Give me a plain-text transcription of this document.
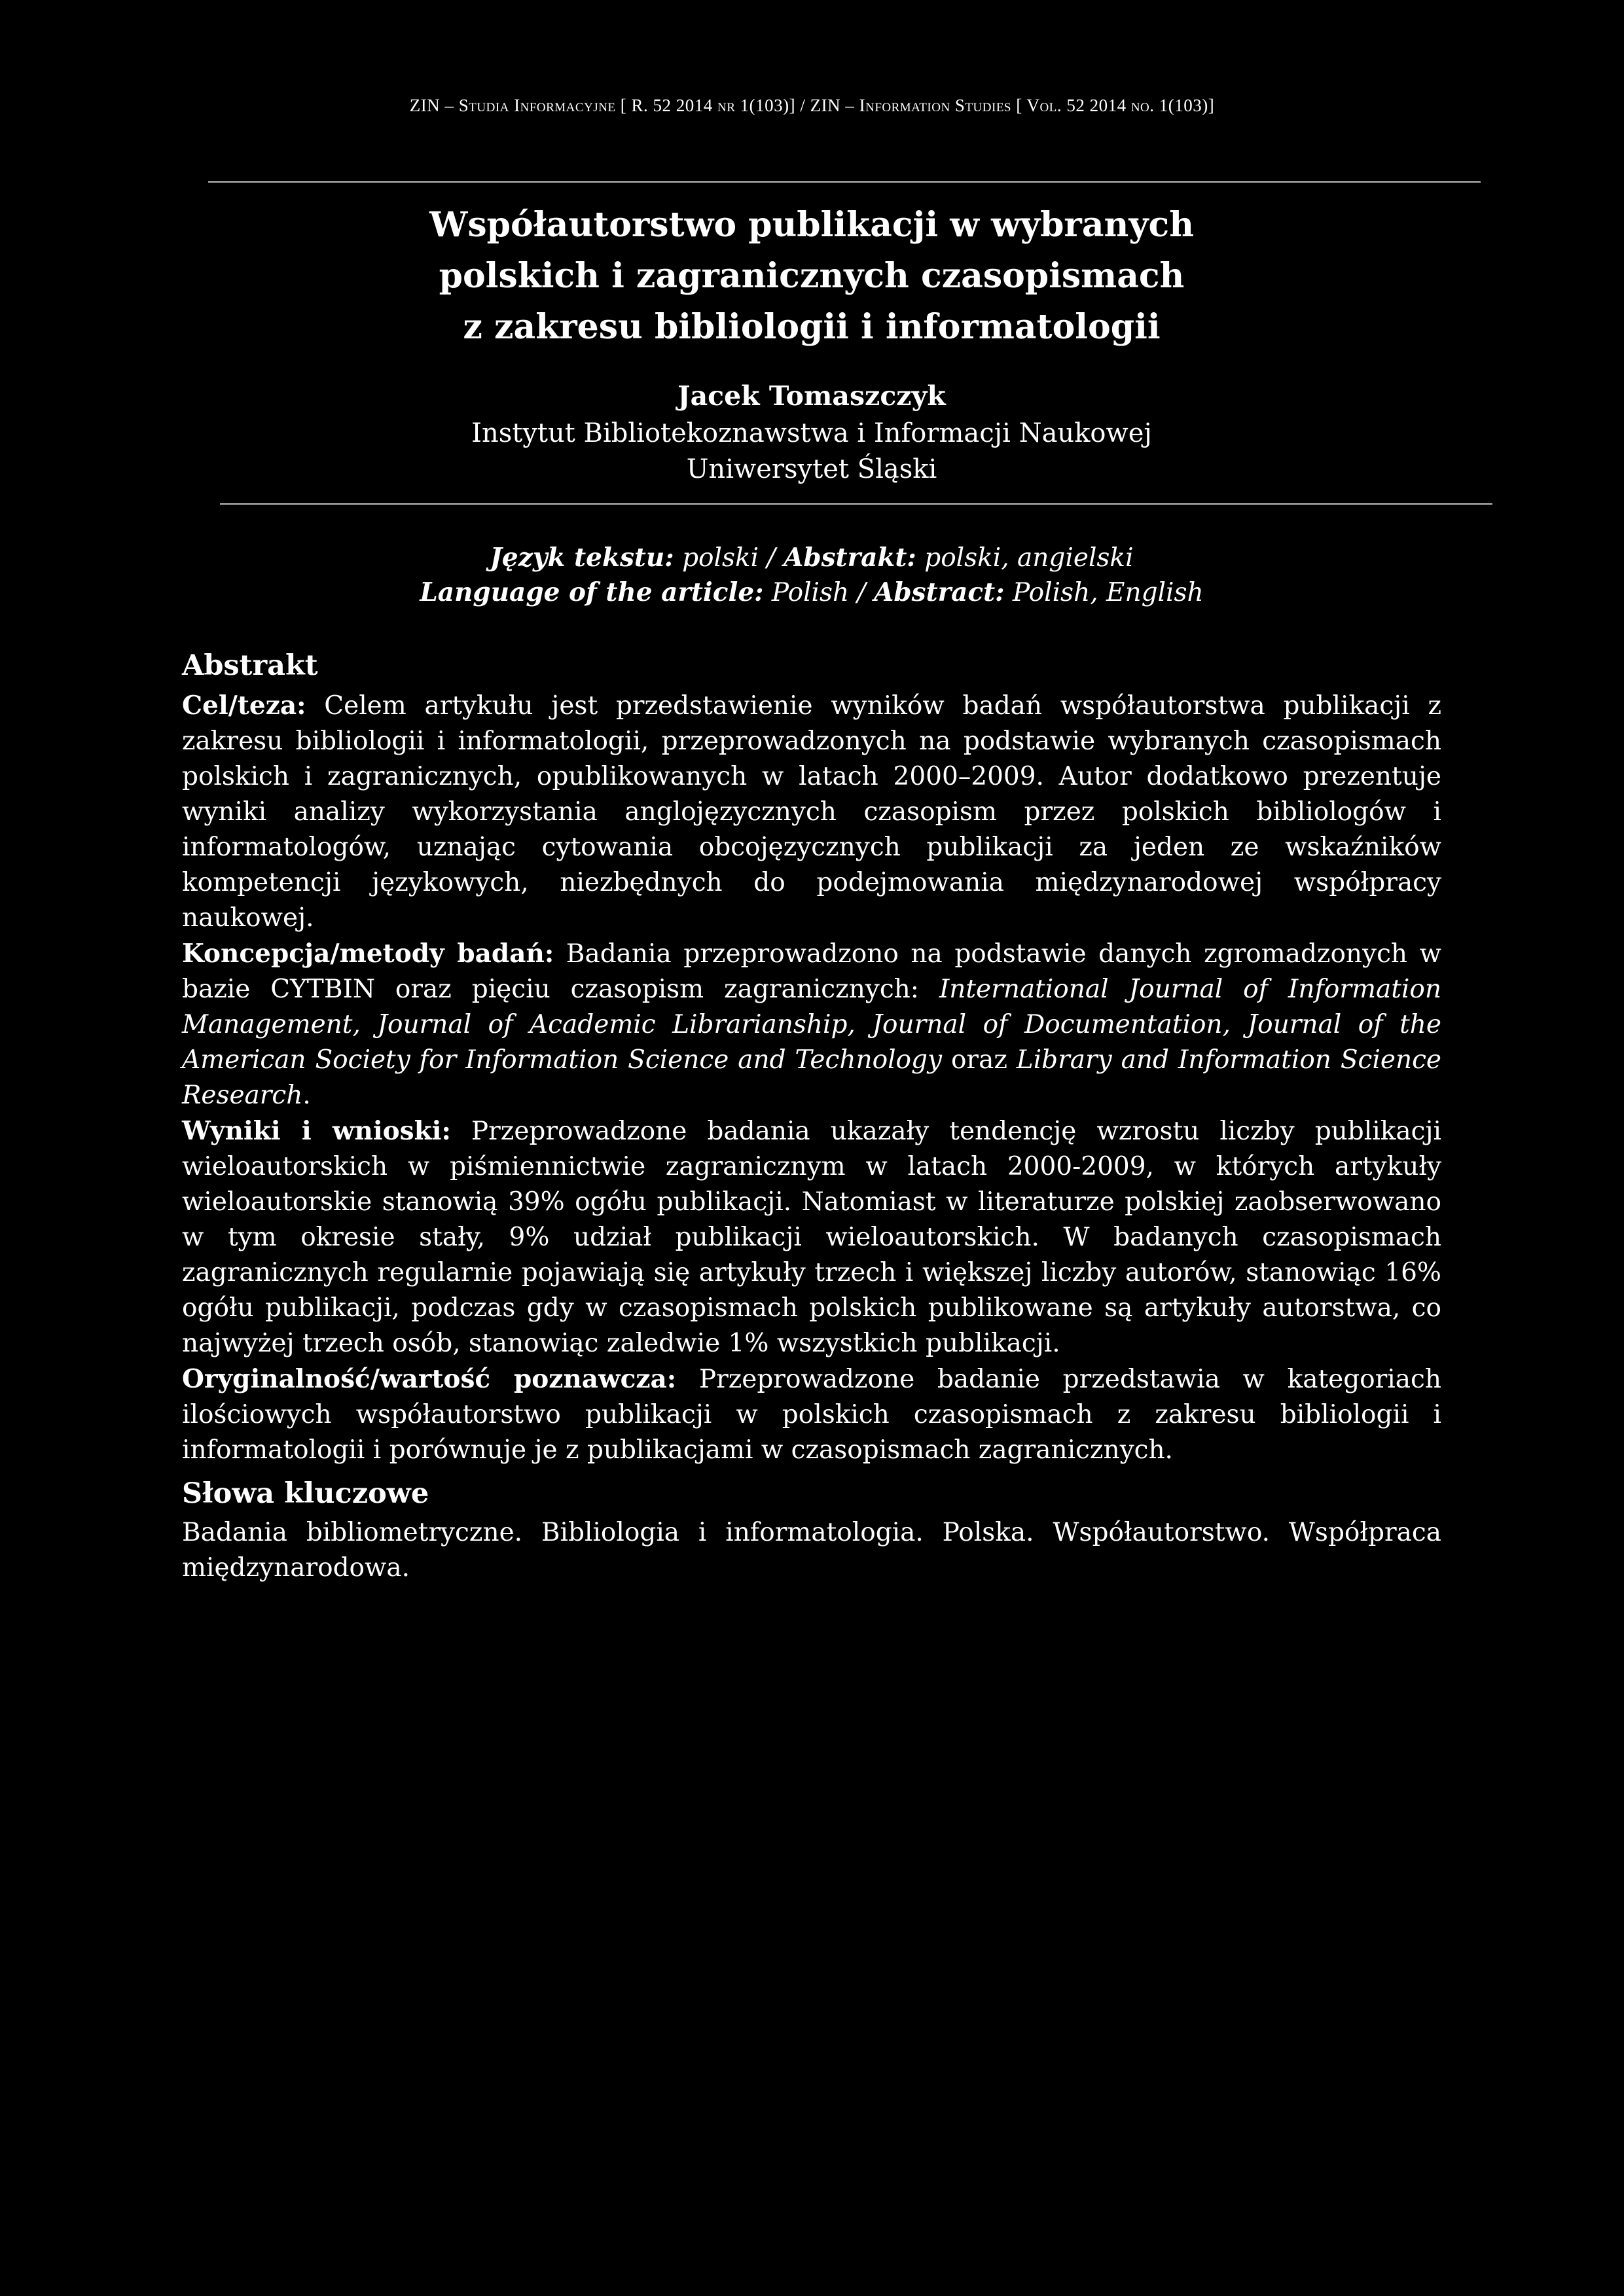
ZIN – Studia Informacyjne [ R. 52 2014 nr 1(103)] / ZIN – Information Studies [ Vol. 52 2014 no. 1(103)]
Współautorstwo publikacji w wybranych
polskich i zagranicznych czasopismach
z zakresu bibliologii i informatologii
Jacek Tomaszczyk
Instytut Bibliotekoznawstwa i Informacji Naukowej
Uniwersytet Śląski
Język tekstu: polski / Abstrakt: polski, angielski
Language of the article: Polish / Abstract: Polish, English
Abstrakt

Cel/teza: Celem artykułu jest przedstawienie wyników badań współautorstwa publikacji z zakresu bibliologii i informatologii, przeprowadzonych na podstawie wybranych czasopismach polskich i zagranicznych, opublikowanych w latach 2000–2009. Autor dodatkowo prezentuje wyniki analizy wykorzystania anglojęzycznych czasopism przez polskich bibliologów i informatologów, uznając cytowania obcojęzycznych publikacji za jeden ze wskaźników kompetencji językowych, niezbędnych do podejmowania międzynarodowej współpracy naukowej.

Koncepcja/metody badań: Badania przeprowadzono na podstawie danych zgromadzonych w bazie CYTBIN oraz pięciu czasopism zagranicznych: International Journal of Information Management, Journal of Academic Librarianship, Journal of Documentation, Journal of the American Society for Information Science and Technology oraz Library and Information Science Research.

Wyniki i wnioski: Przeprowadzone badania ukazały tendencję wzrostu liczby publikacji wieloautorskich w piśmiennictwie zagranicznym w latach 2000-2009, w których artykuły wieloautorskie stanowią 39% ogółu publikacji. Natomiast w literaturze polskiej zaobserwowano w tym okresie stały, 9% udział publikacji wieloautorskich. W badanych czasopismach zagranicznych regularnie pojawiają się artykuły trzech i większej liczby autorów, stanowiąc 16% ogółu publikacji, podczas gdy w czasopismach polskich publikowane są artykuły autorstwa, co najwyżej trzech osób, stanowiąc zaledwie 1% wszystkich publikacji.

Oryginalność/wartość poznawcza: Przeprowadzone badanie przedstawia w kategoriach ilościowych współautorstwo publikacji w polskich czasopismach z zakresu bibliologii i informatologii i porównuje je z publikacjami w czasopismach zagranicznych.

Słowa kluczowe

Badania bibliometryczne. Bibliologia i informatologia. Polska. Współautorstwo. Współpraca międzynarodowa.
